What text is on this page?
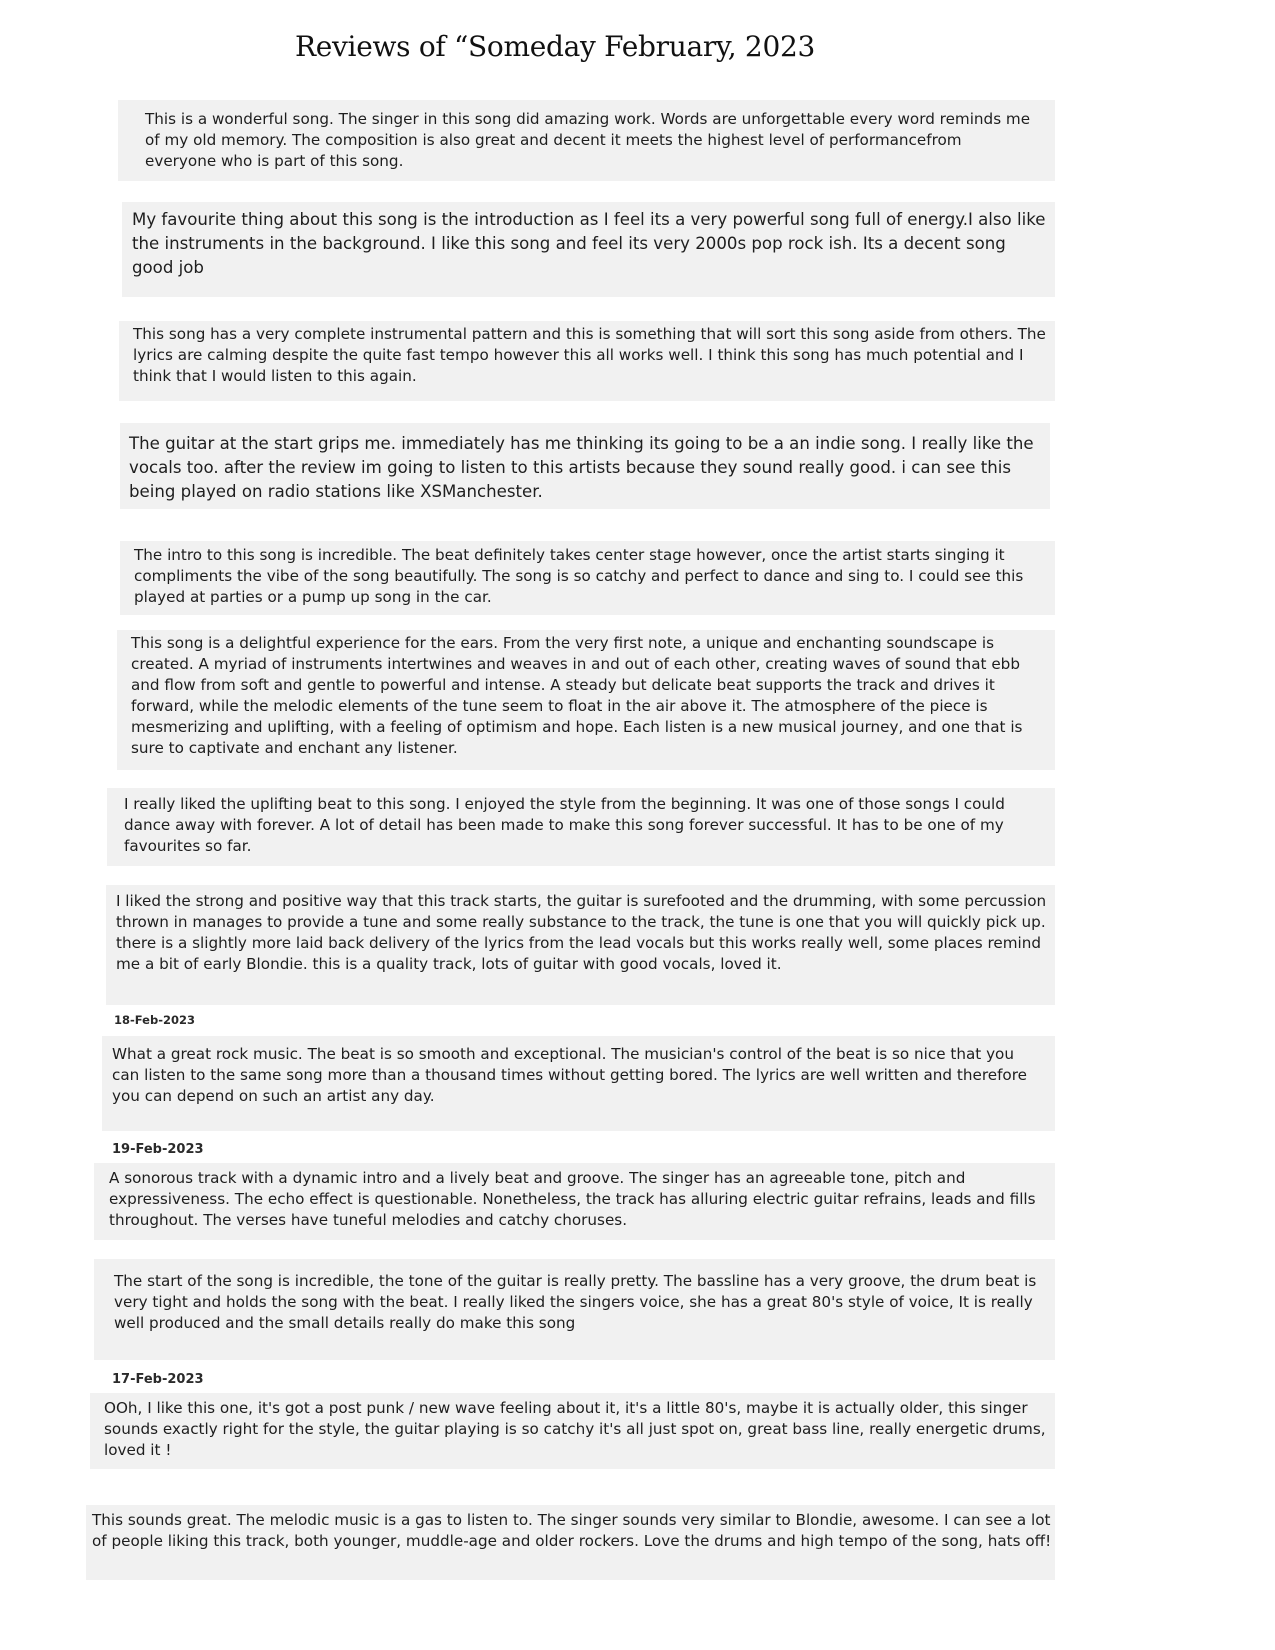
Reviews of “Someday February, 2023
This is a wonderful song. The singer in this song did amazing work. Words are unforgettable every word reminds me of my old memory. The composition is also great and decent it meets the highest level of performancefrom everyone who is part of this song.
My favourite thing about this song is the introduction as I feel its a very powerful song full of energy.I also like the instruments in the background. I like this song and feel its very 2000s pop rock ish. Its a decent song good job
This song has a very complete instrumental pattern and this is something that will sort this song aside from others. The lyrics are calming despite the quite fast tempo however this all works well. I think this song has much potential and I think that I would listen to this again.
The guitar at the start grips me. immediately has me thinking its going to be a an indie song. I really like the vocals too. after the review im going to listen to this artists because they sound really good. i can see this being played on radio stations like XSManchester.
The intro to this song is incredible. The beat definitely takes center stage however, once the artist starts singing it compliments the vibe of the song beautifully. The song is so catchy and perfect to dance and sing to. I could see this played at parties or a pump up song in the car.
This song is a delightful experience for the ears. From the very first note, a unique and enchanting soundscape is created. A myriad of instruments intertwines and weaves in and out of each other, creating waves of sound that ebb and flow from soft and gentle to powerful and intense. A steady but delicate beat supports the track and drives it forward, while the melodic elements of the tune seem to float in the air above it. The atmosphere of the piece is mesmerizing and uplifting, with a feeling of optimism and hope. Each listen is a new musical journey, and one that is sure to captivate and enchant any listener.
I really liked the uplifting beat to this song. I enjoyed the style from the beginning. It was one of those songs I could dance away with forever. A lot of detail has been made to make this song forever successful. It has to be one of my favourites so far.
I liked the strong and positive way that this track starts, the guitar is surefooted and the drumming, with some percussion thrown in manages to provide a tune and some really substance to the track, the tune is one that you will quickly pick up. there is a slightly more laid back delivery of the lyrics from the lead vocals but this works really well, some places remind me a bit of early Blondie. this is a quality track, lots of guitar with good vocals, loved it.
18-Feb-2023
What a great rock music. The beat is so smooth and exceptional. The musician's control of the beat is so nice that you can listen to the same song more than a thousand times without getting bored. The lyrics are well written and therefore you can depend on such an artist any day.
19-Feb-2023
A sonorous track with a dynamic intro and a lively beat and groove. The singer has an agreeable tone, pitch and expressiveness. The echo effect is questionable. Nonetheless, the track has alluring electric guitar refrains, leads and fills throughout. The verses have tuneful melodies and catchy choruses.
The start of the song is incredible, the tone of the guitar is really pretty. The bassline has a very groove, the drum beat is very tight and holds the song with the beat. I really liked the singers voice, she has a great 80's style of voice, It is really well produced and the small details really do make this song
17-Feb-2023
OOh, I like this one, it's got a post punk / new wave feeling about it, it's a little 80's, maybe it is actually older, this singer sounds exactly right for the style, the guitar playing is so catchy it's all just spot on, great bass line, really energetic drums, loved it !
This sounds great. The melodic music is a gas to listen to. The singer sounds very similar to Blondie, awesome. I can see a lot of people liking this track, both younger, muddle-age and older rockers. Love the drums and high tempo of the song, hats off!
